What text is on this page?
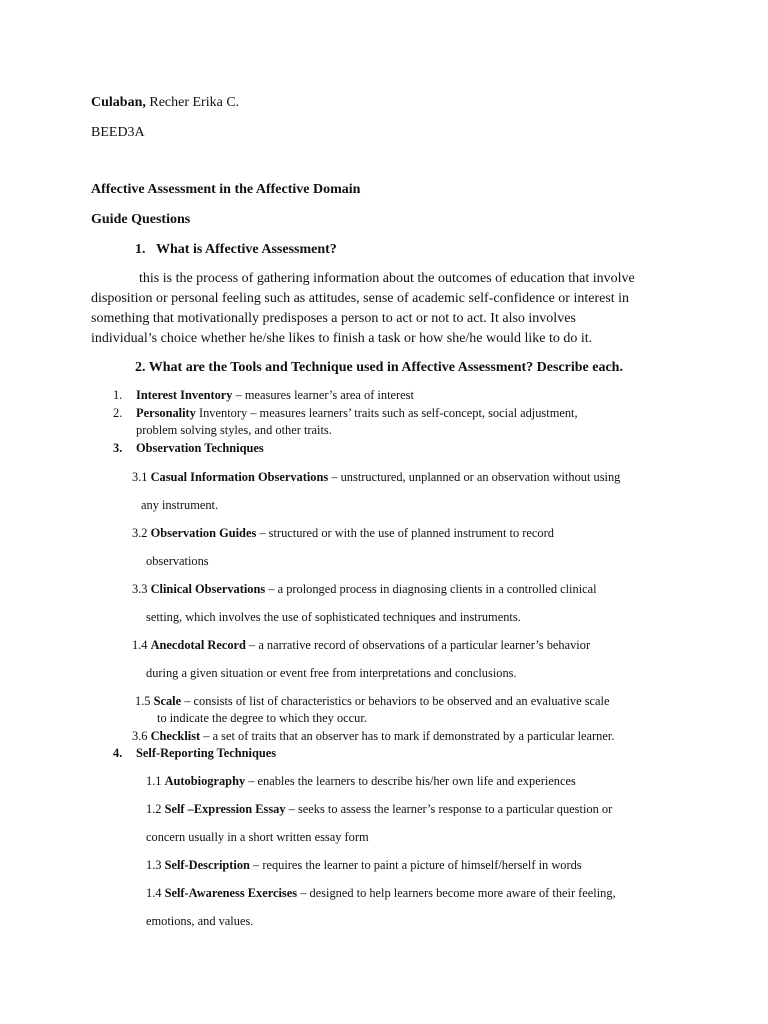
Culaban, Recher Erika C.
BEED3A
Affective Assessment in the Affective Domain
Guide Questions
1. What is Affective Assessment?
this is the process of gathering information about the outcomes of education that involve
disposition or personal feeling such as attitudes, sense of academic self-confidence or interest in
something that motivationally predisposes a person to act or not to act. It also involves
individual’s choice whether he/she likes to finish a task or how she/he would like to do it.
2. What are the Tools and Technique used in Affective Assessment? Describe each.
1. Interest Inventory – measures learner’s area of interest
2. Personality Inventory – measures learners’ traits such as self-concept, social adjustment,
problem solving styles, and other traits.
3. Observation Techniques
3.1 Casual Information Observations – unstructured, unplanned or an observation without using
any instrument.
3.2 Observation Guides – structured or with the use of planned instrument to record
observations
3.3 Clinical Observations – a prolonged process in diagnosing clients in a controlled clinical
setting, which involves the use of sophisticated techniques and instruments.
1.4 Anecdotal Record – a narrative record of observations of a particular learner’s behavior
during a given situation or event free from interpretations and conclusions.
1.5 Scale – consists of list of characteristics or behaviors to be observed and an evaluative scale
to indicate the degree to which they occur.
3.6 Checklist – a set of traits that an observer has to mark if demonstrated by a particular learner.
4. Self-Reporting Techniques
1.1 Autobiography – enables the learners to describe his/her own life and experiences
1.2 Self –Expression Essay – seeks to assess the learner’s response to a particular question or
concern usually in a short written essay form
1.3 Self-Description – requires the learner to paint a picture of himself/herself in words
1.4 Self-Awareness Exercises – designed to help learners become more aware of their feeling,
emotions, and values.
